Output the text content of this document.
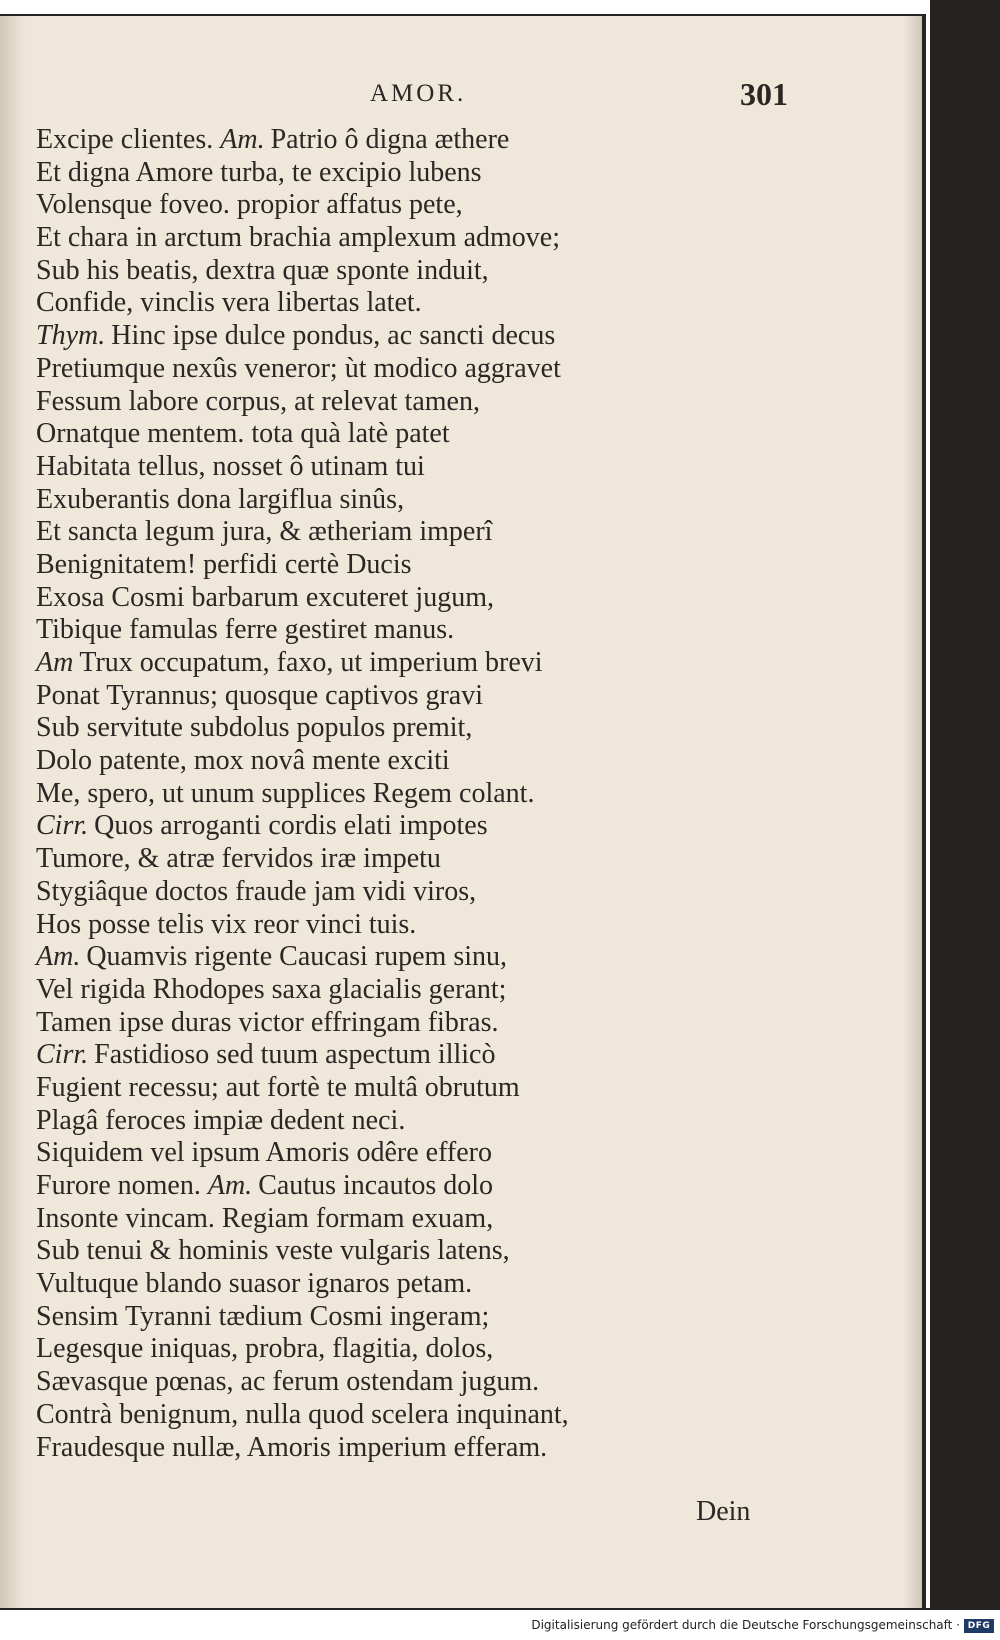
AMOR.	301
Excipe clientes. Am. Patrio ô digna æthere
Et digna Amore turba, te excipio lubens
Volensque foveo. propior affatus pete,
Et chara in arctum brachia amplexum admove;
Sub his beatis, dextra quæ sponte induit,
Confide, vinclis vera libertas latet.
Thym. Hinc ipse dulce pondus, ac sancti decus
Pretiumque nexûs veneror; ùt modico aggravet
Fessum labore corpus, at relevat tamen,
Ornatque mentem. tota quà latè patet
Habitata tellus, nosset ô utinam tui
Exuberantis dona largiflua sinûs,
Et sancta legum jura, & ætheriam imperî
Benignitatem! perfidi certè Ducis
Exosa Cosmi barbarum excuteret jugum,
Tibique famulas ferre gestiret manus.
Am Trux occupatum, faxo, ut imperium brevi
Ponat Tyrannus; quosque captivos gravi
Sub servitute subdolus populos premit,
Dolo patente, mox novâ mente exciti
Me, spero, ut unum supplices Regem colant.
Cirr. Quos arroganti cordis elati impotes
Tumore, & atræ fervidos iræ impetu
Stygiâque doctos fraude jam vidi viros,
Hos posse telis vix reor vinci tuis.
Am. Quamvis rigente Caucasi rupem sinu,
Vel rigida Rhodopes saxa glacialis gerant;
Tamen ipse duras victor effringam fibras.
Cirr. Fastidioso sed tuum aspectum illicò
Fugient recessu; aut fortè te multâ obrutum
Plagâ feroces impiæ dedent neci.
Siquidem vel ipsum Amoris odêre effero
Furore nomen. Am. Cautus incautos dolo
Insonte vincam. Regiam formam exuam,
Sub tenui & hominis veste vulgaris latens,
Vultuque blando suasor ignaros petam.
Sensim Tyranni tædium Cosmi ingeram;
Legesque iniquas, probra, flagitia, dolos,
Sævasque pœnas, ac ferum ostendam jugum.
Contrà benignum, nulla quod scelera inquinant,
Fraudesque nullæ, Amoris imperium efferam.
Dein
Digitalisierung gefördert durch die Deutsche Forschungsgemeinschaft · DFG
